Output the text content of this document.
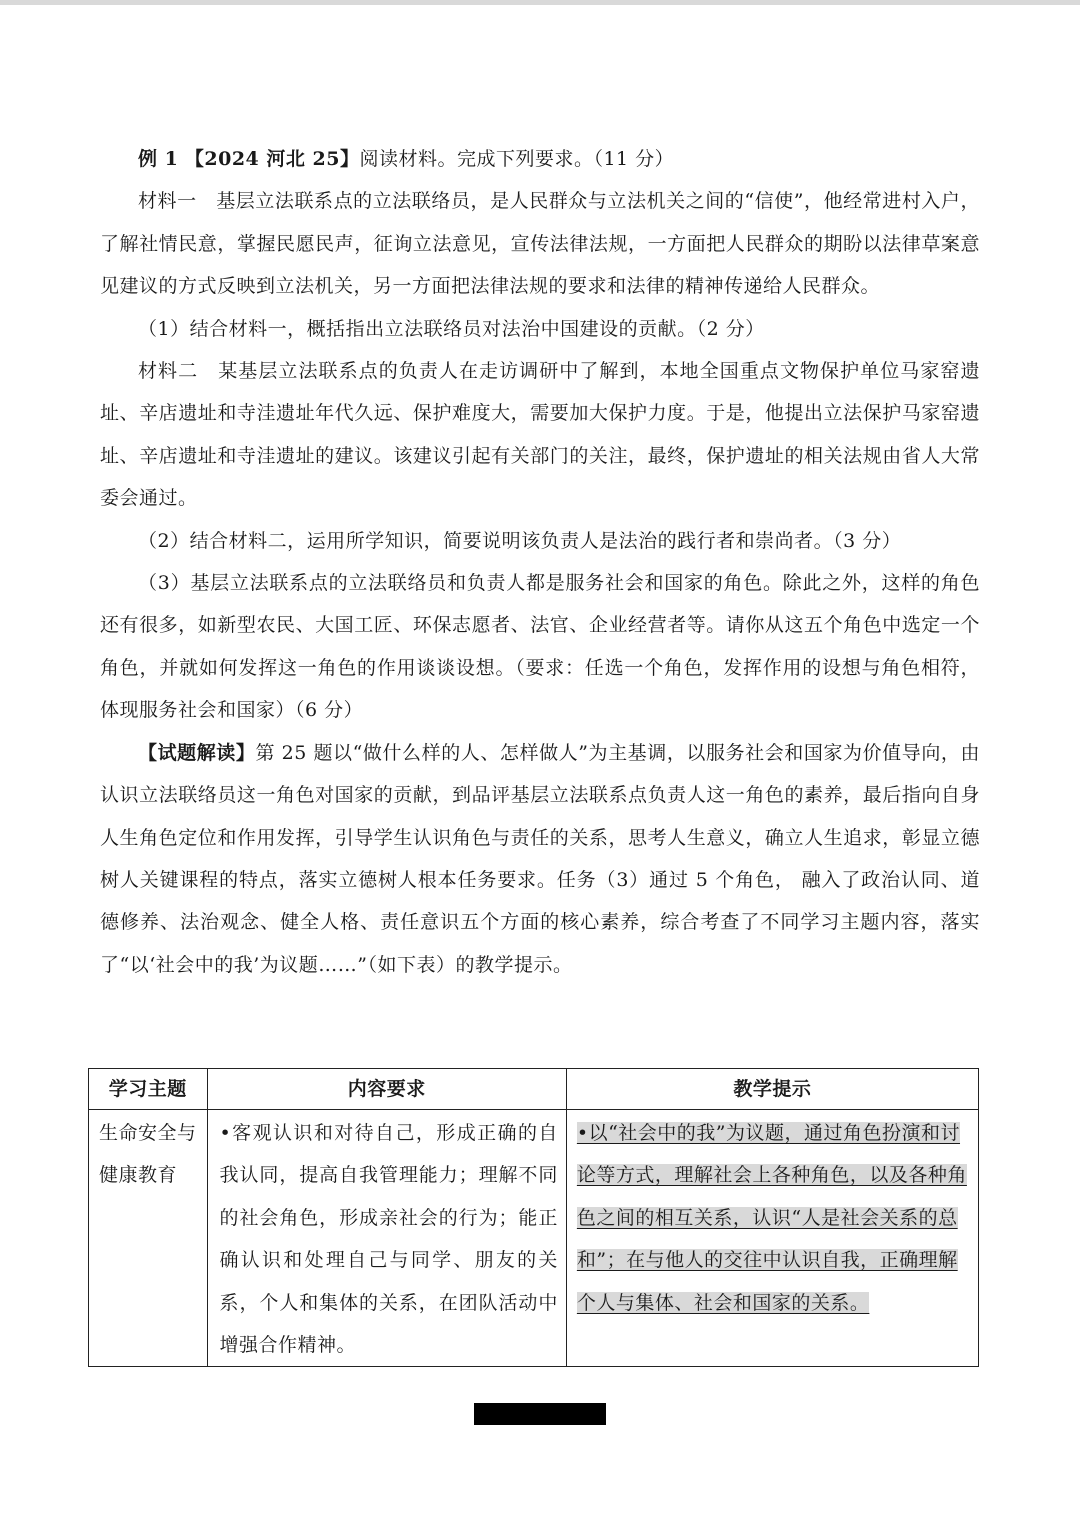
例 1 【2024 河北 25】阅读材料。完成下列要求。（11 分）

材料一　基层立法联系点的立法联络员，是人民群众与立法机关之间的“信使”，他经常进村入户，了解社情民意，掌握民愿民声，征询立法意见，宣传法律法规，一方面把人民群众的期盼以法律草案意见建议的方式反映到立法机关，另一方面把法律法规的要求和法律的精神传递给人民群众。

（1）结合材料一，概括指出立法联络员对法治中国建设的贡献。（2 分）

材料二　某基层立法联系点的负责人在走访调研中了解到，本地全国重点文物保护单位马家窑遗址、辛店遗址和寺洼遗址年代久远、保护难度大，需要加大保护力度。于是，他提出立法保护马家窑遗址、辛店遗址和寺洼遗址的建议。该建议引起有关部门的关注，最终，保护遗址的相关法规由省人大常委会通过。

（2）结合材料二，运用所学知识，简要说明该负责人是法治的践行者和崇尚者。（3 分）

（3）基层立法联系点的立法联络员和负责人都是服务社会和国家的角色。除此之外，这样的角色还有很多，如新型农民、大国工匠、环保志愿者、法官、企业经营者等。请你从这五个角色中选定一个角色，并就如何发挥这一角色的作用谈谈设想。（要求：任选一个角色，发挥作用的设想与角色相符，体现服务社会和国家）（6 分）

【试题解读】第 25 题以“做什么样的人、怎样做人”为主基调，以服务社会和国家为价值导向，由认识立法联络员这一角色对国家的贡献，到品评基层立法联系点负责人这一角色的素养，最后指向自身人生角色定位和作用发挥，引导学生认识角色与责任的关系，思考人生意义，确立人生追求，彰显立德树人关键课程的特点，落实立德树人根本任务要求。任务（3）通过 5 个角色， 融入了政治认同、道德修养、法治观念、健全人格、责任意识五个方面的核心素养，综合考查了不同学习主题内容，落实了“以‘社会中的我’为议题……”（如下表）的教学提示。

学习主题	内容要求	教学提示
生命安全与健康教育	•客观认识和对待自己，形成正确的自我认同，提高自我管理能力；理解不同的社会角色，形成亲社会的行为；能正确认识和处理自己与同学、朋友的关系，个人和集体的关系，在团队活动中增强合作精神。	•以“社会中的我”为议题，通过角色扮演和讨论等方式，理解社会上各种角色，以及各种角色之间的相互关系，认识“人是社会关系的总和”；在与他人的交往中认识自我，正确理解个人与集体、社会和国家的关系。
